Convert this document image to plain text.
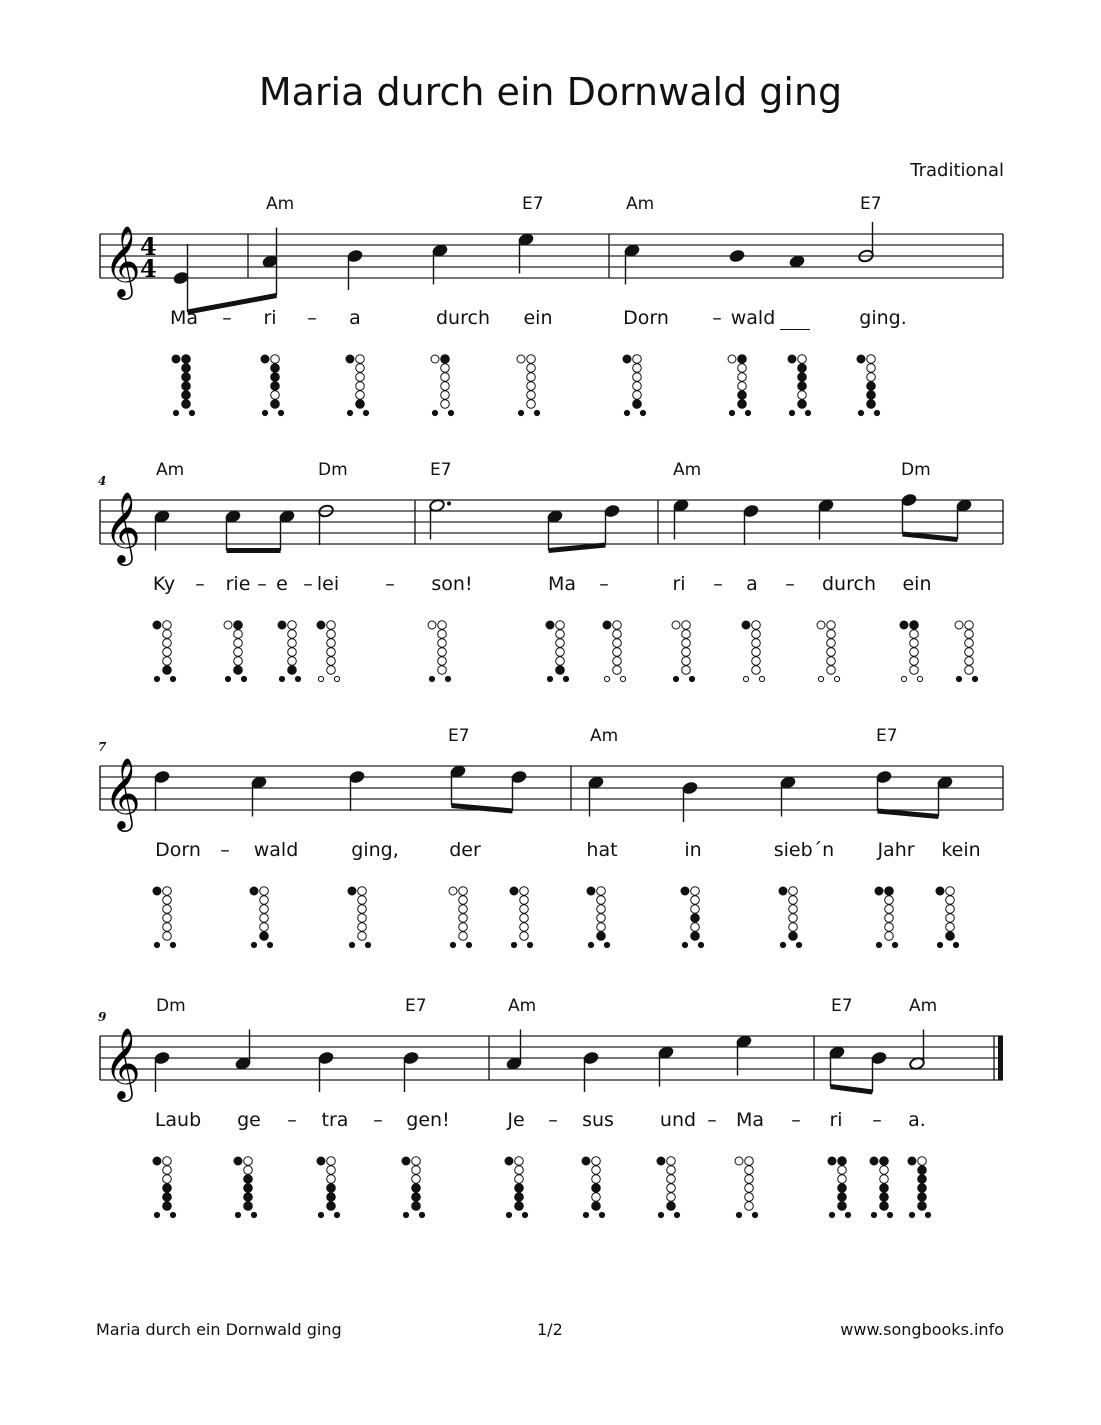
Maria durch ein Dornwald ging
Traditional
Am	E7	Am	E7
𝄞 4
4
Ma	ri	a	durch ein	Dorn	wald	ging.
–	–	–
Am	Dm	E7	Am	Dm
4
𝄞
Ky	rie e lei	son!	Ma	ri	a	durch ein
–	– –	–	–	–	–
E7	Am	E7
7
𝄞
Dorn	wald	ging,	der	hat	in	sieb´n Jahr kein
–
Dm	E7	Am	E7	Am
9
𝄞
Laub ge	tra	gen!	Je	sus und Ma	ri	a.
–	–	–	–	–	–
Maria durch ein Dornwald ging	1/2	www.songbooks.info
